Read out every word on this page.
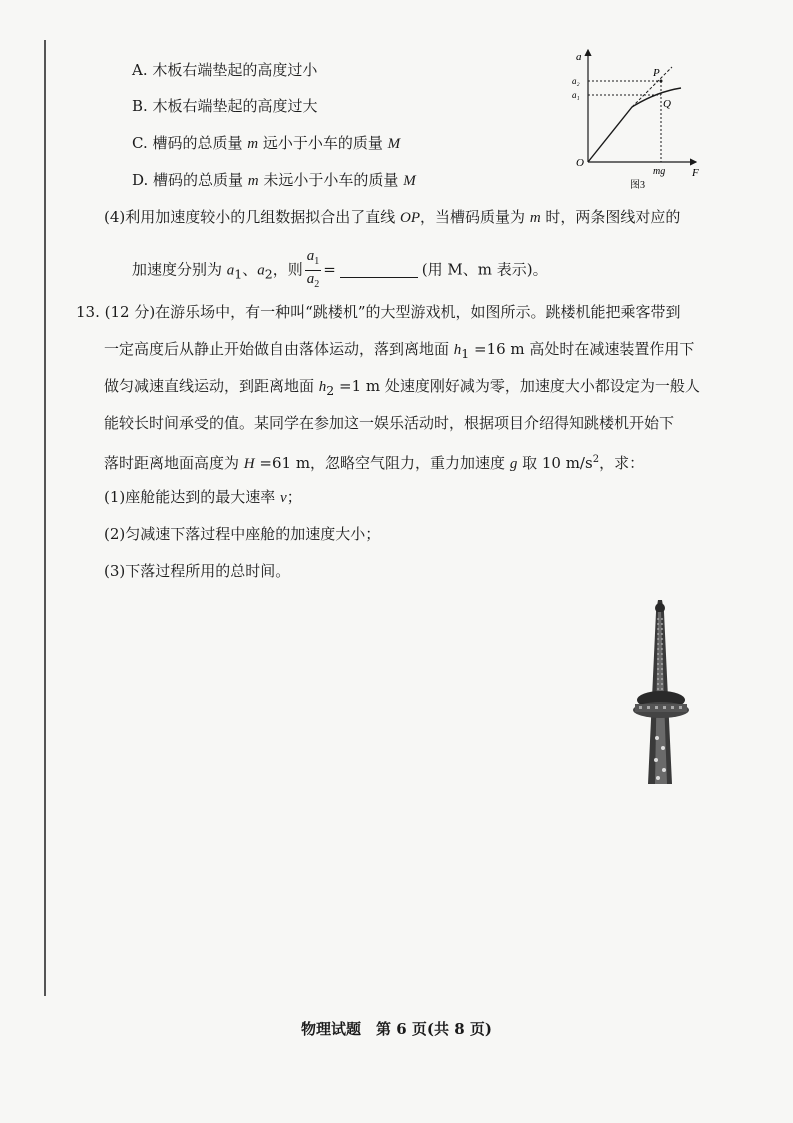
A. 木板右端垫起的高度过小
B. 木板右端垫起的高度过大
C. 槽码的总质量 m 远小于小车的质量 M
D. 槽码的总质量 m 未远小于小车的质量 M
(4)利用加速度较小的几组数据拟合出了直线 OP，当槽码质量为 m 时，两条图线对应的
加速度分别为 $a_1$、$a_2$，则 $\frac{a_1}{a_2}$ =	(用 M、m 表示)。
a
F
O
a₂
a₁
P
Q
mg
图3
13. (12 分)在游乐场中，有一种叫“跳楼机”的大型游戏机，如图所示。跳楼机能把乘客带到
一定高度后从静止开始做自由落体运动，落到离地面 $h_1 =16$ m 高处时在减速装置作用下
做匀减速直线运动，到距离地面 $h_2 =1$ m 处速度刚好减为零，加速度大小都设定为一般人
能较长时间承受的值。某同学在参加这一娱乐活动时，根据项目介绍得知跳楼机开始下
落时距离地面高度为 H =61 m，忽略空气阻力，重力加速度 g 取 10 $m/s^2$，求：
(1)座舱能达到的最大速率 v；
(2)匀减速下落过程中座舱的加速度大小；
(3)下落过程所用的总时间。
物理试题　第 6 页(共 8 页)
